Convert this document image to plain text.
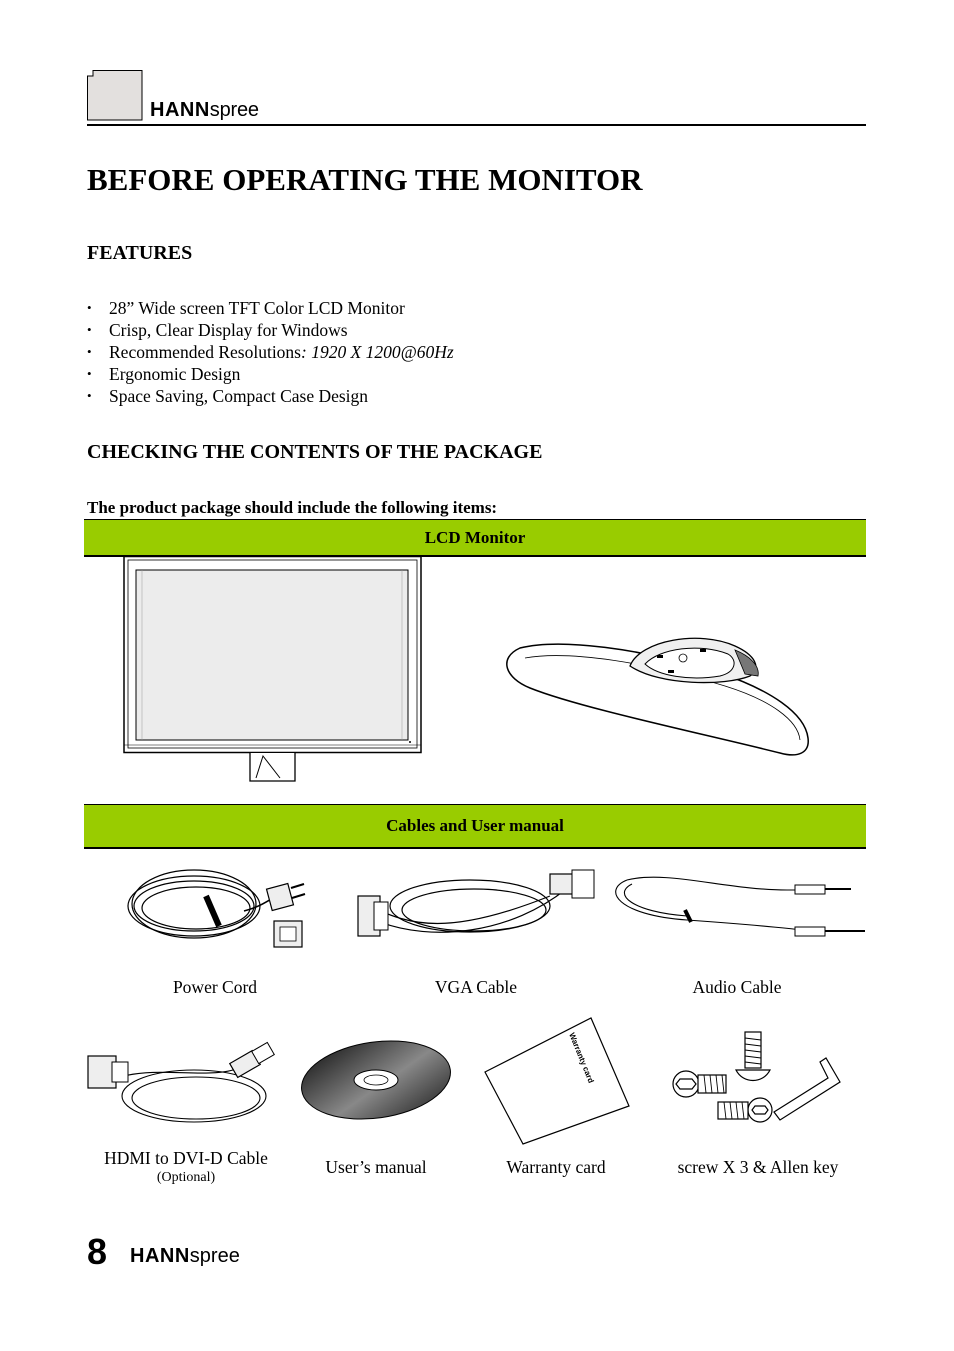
HANNspree
BEFORE OPERATING THE MONITOR
FEATURES
• 28” Wide screen TFT Color LCD Monitor
• Crisp, Clear Display for Windows
• Recommended Resolutions: 1920 X 1200@60Hz
• Ergonomic Design
• Space Saving, Compact Case Design
CHECKING THE CONTENTS OF THE PACKAGE
The product package should include the following items:
LCD Monitor
Cables and User manual
Power Cord	VGA Cable	Audio Cable
Warranty card
HDMI to DVI-D Cable
(Optional)
User’s manual	Warranty card	screw X 3 & Allen key
8 HANNspree
